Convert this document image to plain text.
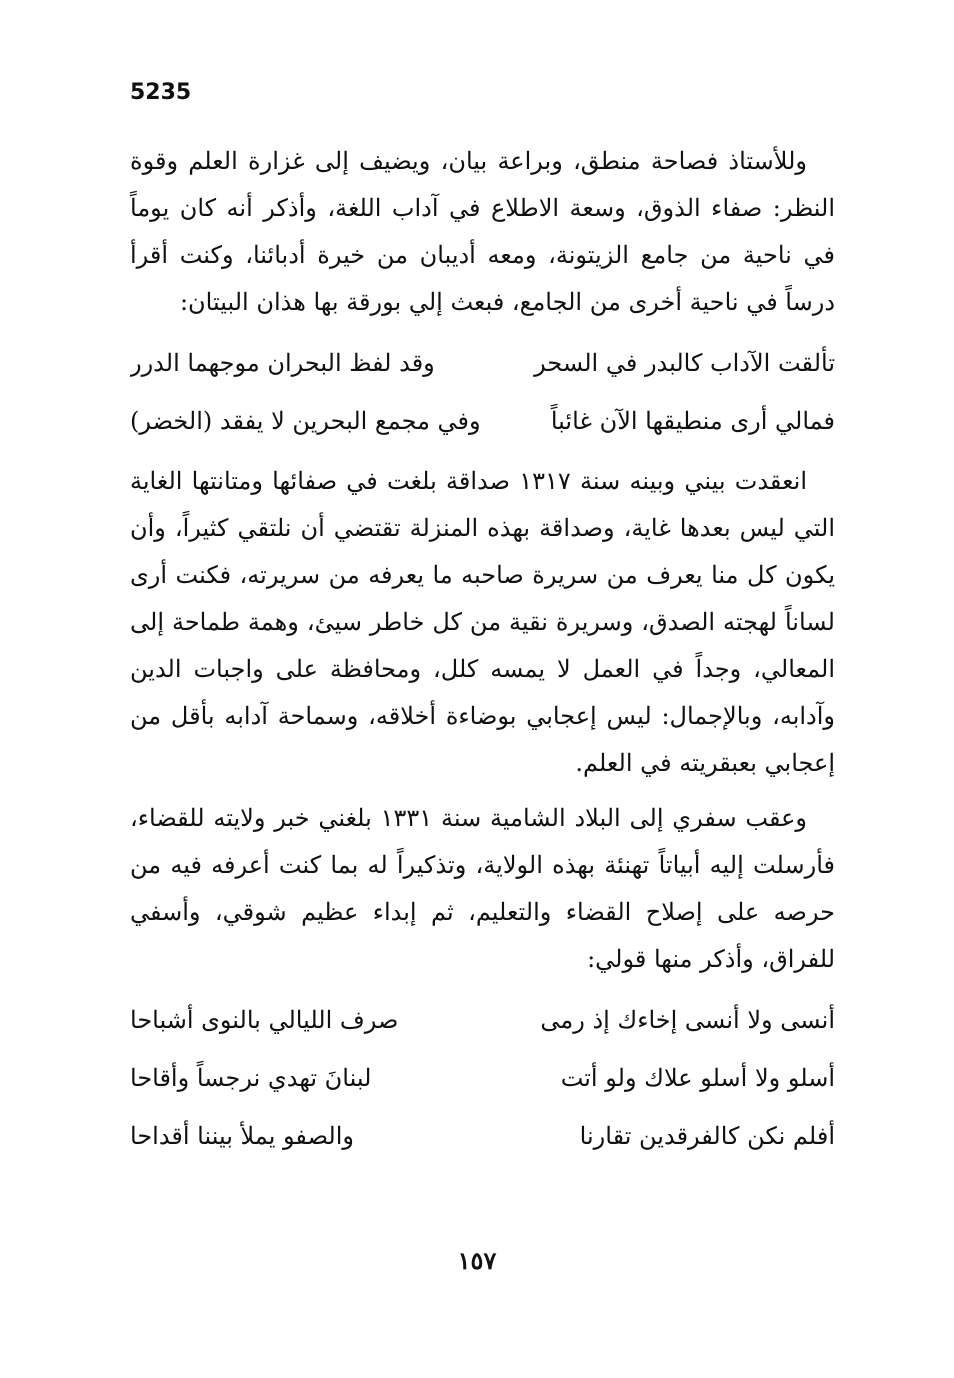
5235

وللأستاذ فصاحة منطق، وبراعة بيان، ويضيف إلى غزارة العلم وقوة النظر: صفاء الذوق، وسعة الاطلاع في آداب اللغة، وأذكر أنه كان يوماً في ناحية من جامع الزيتونة، ومعه أديبان من خيرة أدبائنا، وكنت أقرأ درساً في ناحية أخرى من الجامع، فبعث إلي بورقة بها هذان البيتان:

تألقت الآداب كالبدر في السحر
وقد لفظ البحران موجهما الدرر
فمالي أرى منطيقها الآن غائباً
وفي مجمع البحرين لا يفقد (الخضر)

انعقدت بيني وبينه سنة ١٣١٧ صداقة بلغت في صفائها ومتانتها الغاية التي ليس بعدها غاية، وصداقة بهذه المنزلة تقتضي أن نلتقي كثيراً، وأن يكون كل منا يعرف من سريرة صاحبه ما يعرفه من سريرته، فكنت أرى لساناً لهجته الصدق، وسريرة نقية من كل خاطر سيئ، وهمة طماحة إلى المعالي، وجداً في العمل لا يمسه كلل، ومحافظة على واجبات الدين وآدابه، وبالإجمال: ليس إعجابي بوضاءة أخلاقه، وسماحة آدابه بأقل من إعجابي بعبقريته في العلم.

وعقب سفري إلى البلاد الشامية سنة ١٣٣١ بلغني خبر ولايته للقضاء، فأرسلت إليه أبياتاً تهنئة بهذه الولاية، وتذكيراً له بما كنت أعرفه فيه من حرصه على إصلاح القضاء والتعليم، ثم إبداء عظيم شوقي، وأسفي للفراق، وأذكر منها قولي:

أنسى ولا أنسى إخاءك إذ رمى
صرف الليالي بالنوى أشباحا
أسلو ولا أسلو علاك ولو أتت
لبنانَ تهدي نرجساً وأقاحا
أفلم نكن كالفرقدين تقارنا
والصفو يملأ بيننا أقداحا
١٥٧
